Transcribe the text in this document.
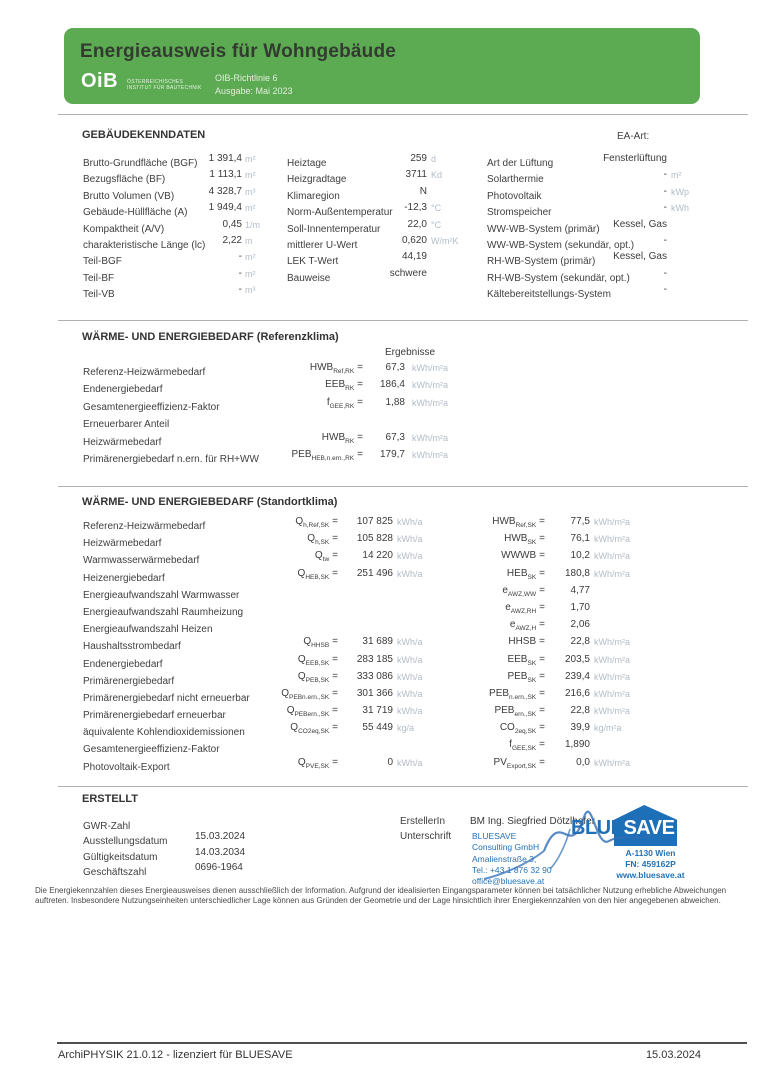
Energieausweis für Wohngebäude
OiB ÖSTERREICHISCHES
INSTITUT FÜR BAUTECHNIK
OIB-Richtlinie 6
Ausgabe: Mai 2023
GEBÄUDEKENNDATEN	EA-Art:
Brutto-Grundfläche (BGF)	1 391,4 m²
Bezugsfläche (BF)	1 113,1 m²
Brutto Volumen (VB)	4 328,7 m³
Gebäude-Hüllfläche (A)	1 949,4 m²
Kompaktheit (A/V)	0,45 1/m
charakteristische Länge (lc)	2,22 m
Teil-BGF	- m²
Teil-BF	- m²
Teil-VB	- m³
Heiztage	259 d
Heizgradtage	3711 Kd
Klimaregion	N
Norm-Außentemperatur	-12,3 °C
Soll-Innentemperatur	22,0 °C
mittlerer U-Wert	0,620 W/m²K
LEK T-Wert	44,19
Bauweise	schwere
Art der Lüftung	Fensterlüftung
Solarthermie	- m²
Photovoltaik	- kWp
Stromspeicher	- kWh
WW-WB-System (primär)	Kessel, Gas
WW-WB-System (sekundär, opt.)	-
RH-WB-System (primär)	Kessel, Gas
RH-WB-System (sekundär, opt.)	-
Kältebereitstellungs-System	-
WÄRME- UND ENERGIEBEDARF (Referenzklima)
Ergebnisse
Referenz-Heizwärmebedarf	$HWB_{Ref,RK}$ =	67,3 kWh/m²a
Endenergiebedarf	$EEB_{RK}$ =	186,4 kWh/m²a
Gesamtenergieeffizienz-Faktor	$f_{GEE,RK}$ =	1,88 kWh/m²a
Erneuerbarer Anteil
Heizwärmebedarf	$HWB_{RK}$ =	67,3 kWh/m²a
Primärenergiebedarf n.ern. für RH+WW	$PEB_{HEB,n.ern.,RK}$ =	179,7 kWh/m²a
WÄRME- UND ENERGIEBEDARF (Standortklima)
Referenz-Heizwärmebedarf	$Q_{h,Ref,SK}$ =	107 825 kWh/a	$HWB_{Ref,SK}$ =	77,5 kWh/m²a
Heizwärmebedarf	$Q_{h,SK}$ =	105 828 kWh/a	$HWB_{SK}$ =	76,1 kWh/m²a
Warmwasserwärmebedarf	$Q_{tw}$ =	14 220 kWh/a	WWWB =	10,2 kWh/m²a
Heizenergiebedarf	$Q_{HEB,SK}$ =	251 496 kWh/a	$HEB_{SK}$ =	180,8 kWh/m²a
Energieaufwandszahl Warmwasser	$e_{AWZ,WW}$ =	4,77
Energieaufwandszahl Raumheizung	$e_{AWZ,RH}$ =	1,70
Energieaufwandszahl Heizen	$e_{AWZ,H}$ =	2,06
Haushaltsstrombedarf	$Q_{HHSB}$ =	31 689 kWh/a	HHSB =	22,8 kWh/m²a
Endenergiebedarf	$Q_{EEB,SK}$ =	283 185 kWh/a	$EEB_{SK}$ =	203,5 kWh/m²a
Primärenergiebedarf	$Q_{PEB,SK}$ =	333 086 kWh/a	$PEB_{SK}$ =	239,4 kWh/m²a
Primärenergiebedarf nicht erneuerbar	$Q_{PEBn.ern.,SK}$ =	301 366 kWh/a	$PEB_{n.ern.,SK}$ =	216,6 kWh/m²a
Primärenergiebedarf erneuerbar	$Q_{PEBern.,SK}$ =	31 719 kWh/a	$PEB_{ern.,SK}$ =	22,8 kWh/m²a
äquivalente Kohlendioxidemissionen	$Q_{CO2eq,SK}$ =	55 449 kg/a	$CO_{2eq,SK}$ =	39,9 kg/m²a
Gesamtenergieeffizienz-Faktor	$f_{GEE,SK}$ =	1,890
Photovoltaik-Export	$Q_{PVE,SK}$ =	0 kWh/a	$PV_{Export,SK}$ =	0,0 kWh/m²a
ERSTELLT
GWR-Zahl
Ausstellungsdatum	15.03.2024
Gültigkeitsdatum	14.03.2034
Geschäftszahl	0696-1964
ErstellerIn BM Ing. Siegfried Dötzlhofer
Unterschrift BLUESAVE
Consulting GmbH
Amalienstraße 3,
Tel.: +43 1 876 32 90
office@bluesave.at
BLUESAVE
A-1130 Wien
FN: 459162P
www.bluesave.at
Die Energiekennzahlen dieses Energieausweises dienen ausschließlich der Information. Aufgrund der idealisierten Eingangsparameter können bei tatsächlicher Nutzung erhebliche Abweichungen auftreten. Insbesondere Nutzungseinheiten unterschiedlicher Lage können aus Gründen der Geometrie und der Lage hinsichtlich ihrer Energiekennzahlen von den hier angegebenen abweichen.
ArchiPHYSIK 21.0.12 - lizenziert für BLUESAVE	15.03.2024
